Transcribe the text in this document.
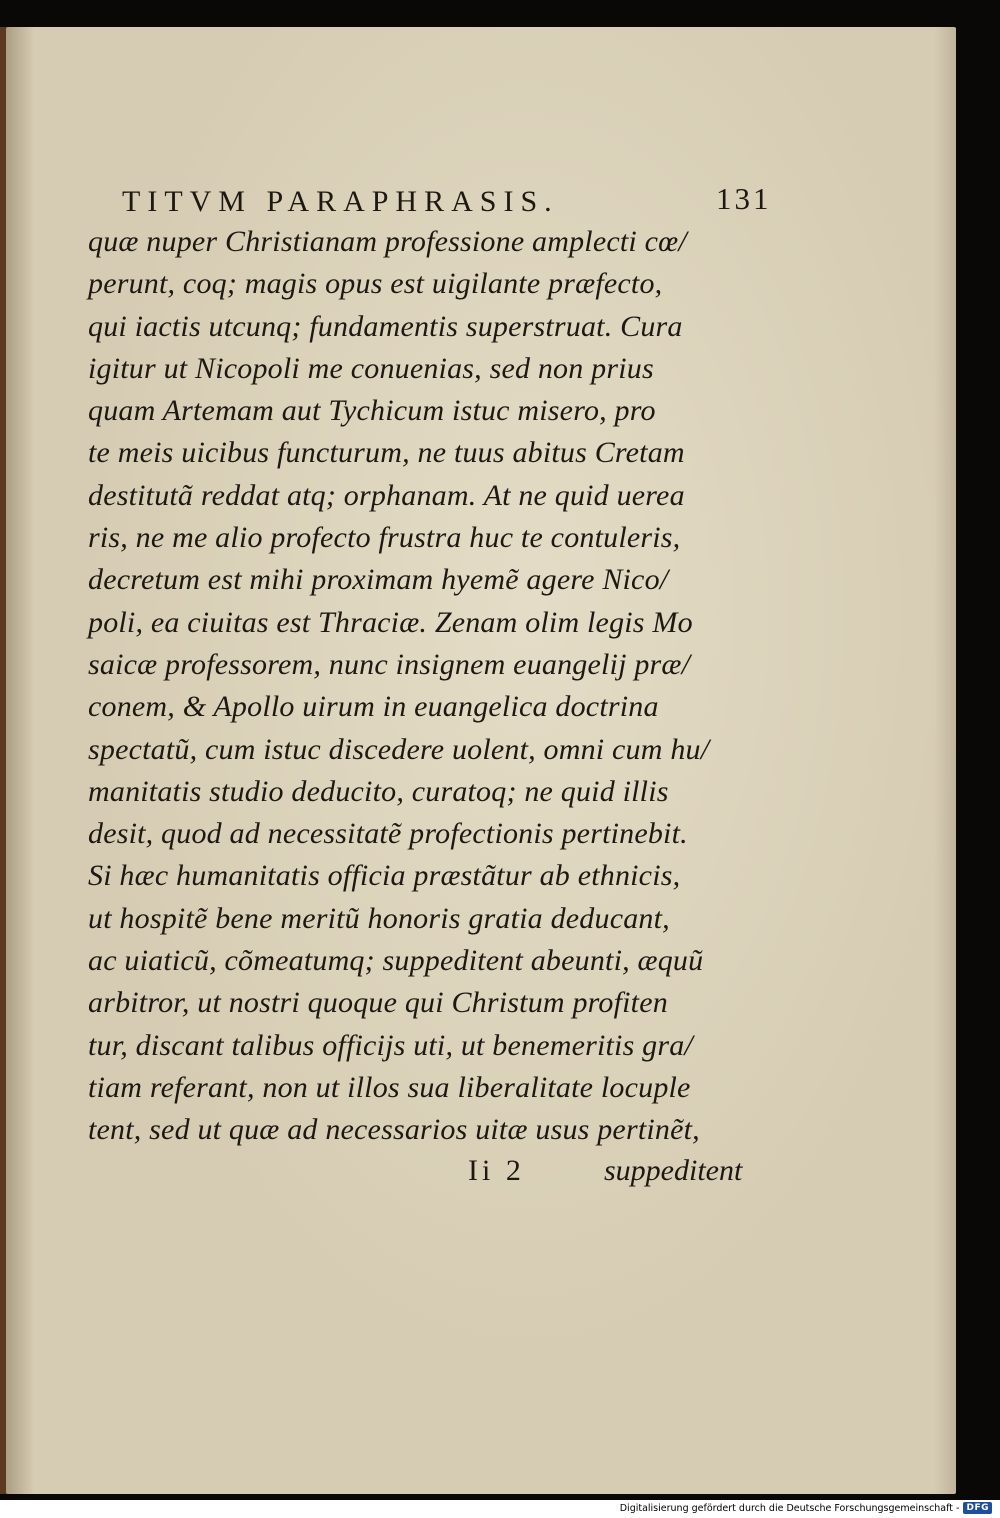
TITVM PARAPHRASIS.	131
quæ nuper Christianam professione amplecti cœ/
perunt, coq; magis opus est uigilante præfecto,
qui iactis utcunq; fundamentis superstruat. Cura
igitur ut Nicopoli me conuenias, sed non prius
quam Artemam aut Tychicum istuc misero, pro
te meis uicibus functurum, ne tuus abitus Cretam
destitutã reddat atq; orphanam. At ne quid uerea
ris, ne me alio profecto frustra huc te contuleris,
decretum est mihi proximam hyemẽ agere Nico/
poli, ea ciuitas est Thraciæ. Zenam olim legis Mo
saicæ professorem, nunc insignem euangelij præ/
conem, & Apollo uirum in euangelica doctrina
spectatũ, cum istuc discedere uolent, omni cum hu/
manitatis studio deducito, curatoq; ne quid illis
desit, quod ad necessitatẽ profectionis pertinebit.
Si hæc humanitatis officia præstãtur ab ethnicis,
ut hospitẽ bene meritũ honoris gratia deducant,
ac uiaticũ, cõmeatumq; suppeditent abeunti, æquũ
arbitror, ut nostri quoque qui Christum profiten
tur, discant talibus officijs uti, ut benemeritis gra/
tiam referant, non ut illos sua liberalitate locuple
tent, sed ut quæ ad necessarios uitæ usus pertinẽt,
Ii 2	suppeditent
Digitalisierung gefördert durch die Deutsche Forschungsgemeinschaft - DFG
